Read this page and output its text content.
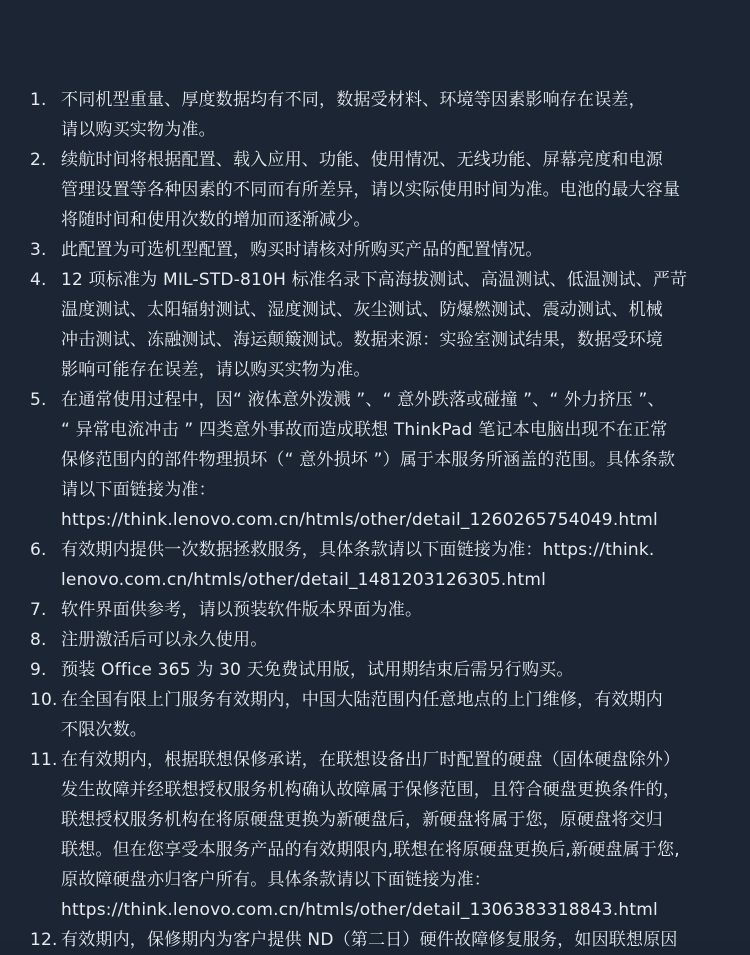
1. 不同机型重量、厚度数据均有不同，数据受材料、环境等因素影响存在误差，
请以购买实物为准。
2. 续航时间将根据配置、载入应用、功能、使用情况、无线功能、屏幕亮度和电源
管理设置等各种因素的不同而有所差异，请以实际使用时间为准。电池的最大容量
将随时间和使用次数的增加而逐渐减少。
3. 此配置为可选机型配置，购买时请核对所购买产品的配置情况。
4. 12 项标准为 MIL-STD-810H 标准名录下高海拔测试、高温测试、低温测试、严苛
温度测试、太阳辐射测试、湿度测试、灰尘测试、防爆燃测试、震动测试、机械
冲击测试、冻融测试、海运颠簸测试。数据来源：实验室测试结果，数据受环境
影响可能存在误差，请以购买实物为准。
5. 在通常使用过程中，因“ 液体意外泼溅 ”、“ 意外跌落或碰撞 ”、“ 外力挤压 ”、
“ 异常电流冲击 ” 四类意外事故而造成联想 ThinkPad 笔记本电脑出现不在正常
保修范围内的部件物理损坏（“ 意外损坏 ”）属于本服务所涵盖的范围。具体条款
请以下面链接为准：
https://think.lenovo.com.cn/htmls/other/detail_1260265754049.html
6. 有效期内提供一次数据拯救服务，具体条款请以下面链接为准：https://think.
lenovo.com.cn/htmls/other/detail_1481203126305.html
7. 软件界面供参考，请以预装软件版本界面为准。
8. 注册激活后可以永久使用。
9. 预装 Office 365 为 30 天免费试用版，试用期结束后需另行购买。
10. 在全国有限上门服务有效期内，中国大陆范围内任意地点的上门维修，有效期内
不限次数。
11. 在有效期内，根据联想保修承诺，在联想设备出厂时配置的硬盘（固体硬盘除外）
发生故障并经联想授权服务机构确认故障属于保修范围，且符合硬盘更换条件的，
联想授权服务机构在将原硬盘更换为新硬盘后，新硬盘将属于您，原硬盘将交归
联想。但在您享受本服务产品的有效期限内,联想在将原硬盘更换后,新硬盘属于您,
原故障硬盘亦归客户所有。具体条款请以下面链接为准：
https://think.lenovo.com.cn/htmls/other/detail_1306383318843.html
12. 有效期内，保修期内为客户提供 ND（第二日）硬件故障修复服务，如因联想原因
